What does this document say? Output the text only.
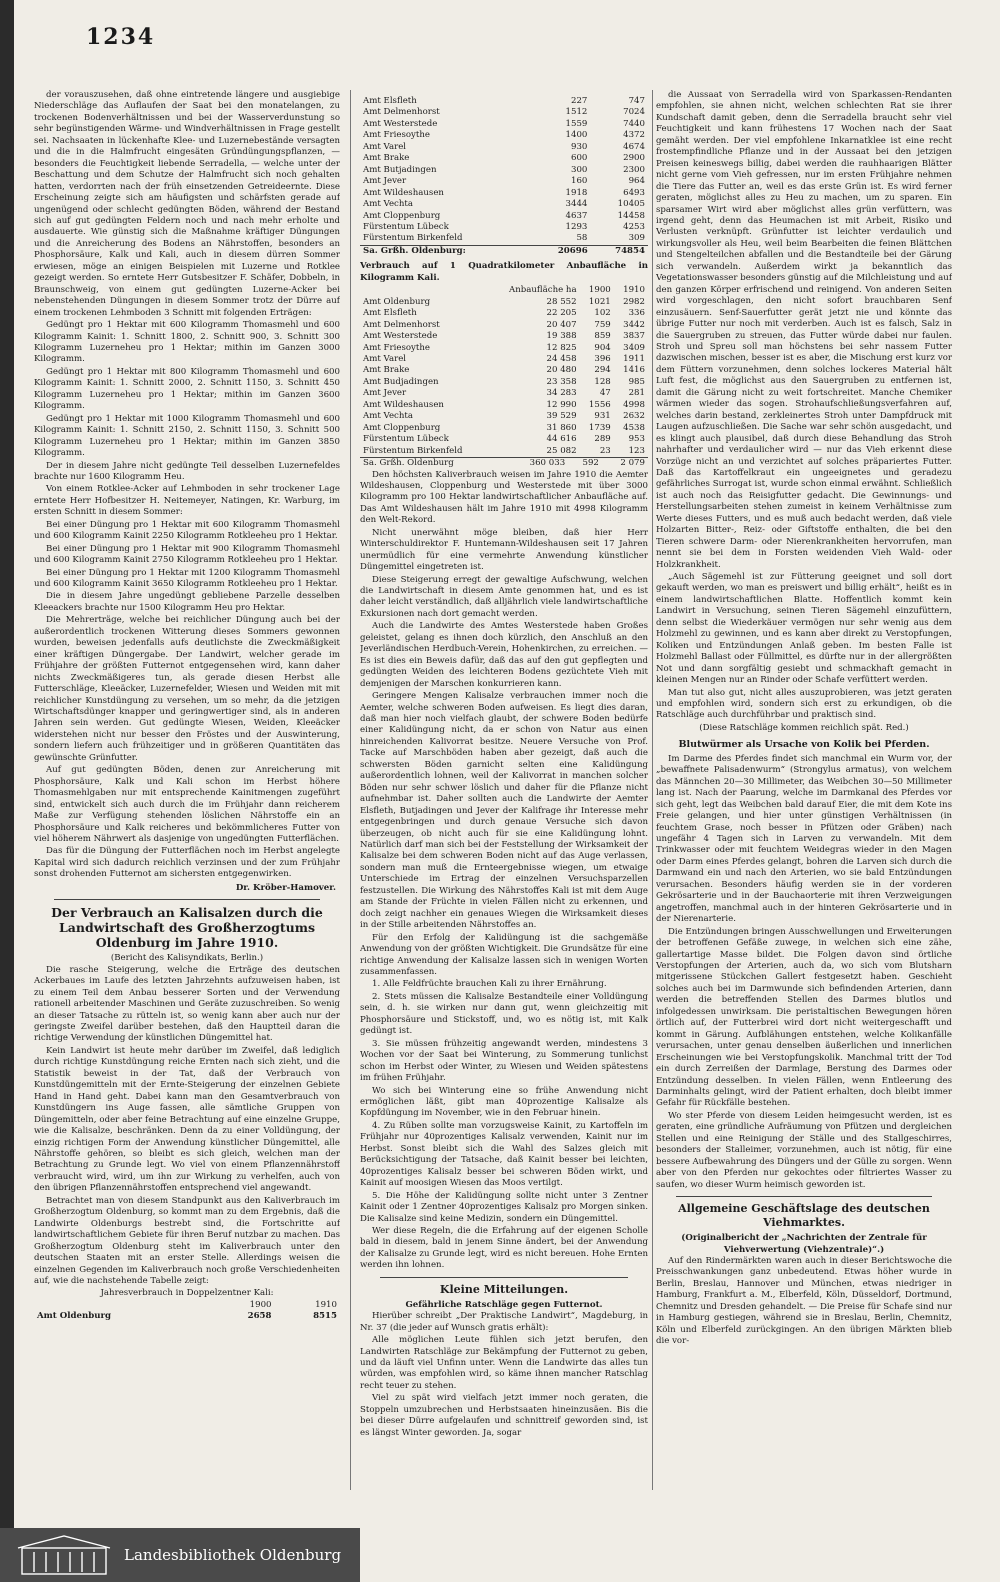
1234

der vorauszusehen, daß ohne eintretende längere und ausgiebige Niederschläge das Auflaufen der Saat bei den monatelangen, zu trockenen Bodenverhältnissen und bei der Wasserverdunstung so sehr begünstigenden Wärme- und Windverhältnissen in Frage gestellt sei. Nachsaaten in lückenhafte Klee- und Luzernebestände versagten und die in die Halmfrucht eingesäten Gründüngungspflanzen, — besonders die Feuchtigkeit liebende Serradella, — welche unter der Beschattung und dem Schutze der Halmfrucht sich noch gehalten hatten, verdorrten nach der früh einsetzenden Getreideernte. Diese Erscheinung zeigte sich am häufigsten und schärfsten gerade auf ungenügend oder schlecht gedüngten Böden, während der Bestand sich auf gut gedüngten Feldern noch und nach mehr erholte und ausdauerte. Wie günstig sich die Maßnahme kräftiger Düngungen und die Anreicherung des Bodens an Nährstoffen, besonders an Phosphorsäure, Kalk und Kali, auch in diesem dürren Sommer erwiesen, möge an einigen Beispielen mit Luzerne und Rotklee gezeigt werden. So erntete Herr Gutsbesitzer F. Schäfer, Dobbeln, in Braunschweig, von einem gut gedüngten Luzerne-Acker bei nebenstehenden Düngungen in diesem Sommer trotz der Dürre auf einem trockenen Lehmboden 3 Schnitt mit folgenden Erträgen:

Gedüngt pro 1 Hektar mit 600 Kilogramm Thomasmehl und 600 Kilogramm Kainit: 1. Schnitt 1800, 2. Schnitt 900, 3. Schnitt 300 Kilogramm Luzerneheu pro 1 Hektar; mithin im Ganzen 3000 Kilogramm.

Gedüngt pro 1 Hektar mit 800 Kilogramm Thomasmehl und 600 Kilogramm Kainit: 1. Schnitt 2000, 2. Schnitt 1150, 3. Schnitt 450 Kilogramm Luzerneheu pro 1 Hektar; mithin im Ganzen 3600 Kilogramm.

Gedüngt pro 1 Hektar mit 1000 Kilogramm Thomasmehl und 600 Kilogramm Kainit: 1. Schnitt 2150, 2. Schnitt 1150, 3. Schnitt 500 Kilogramm Luzerneheu pro 1 Hektar; mithin im Ganzen 3850 Kilogramm.

Der in diesem Jahre nicht gedüngte Teil desselben Luzernefeldes brachte nur 1600 Kilogramm Heu.

Von einem Rotklee-Acker auf Lehmboden in sehr trockener Lage erntete Herr Hofbesitzer H. Neitemeyer, Natingen, Kr. Warburg, im ersten Schnitt in diesem Sommer:

Bei einer Düngung pro 1 Hektar mit 600 Kilogramm Thomasmehl und 600 Kilogramm Kainit 2250 Kilogramm Rotkleeheu pro 1 Hektar.

Bei einer Düngung pro 1 Hektar mit 900 Kilogramm Thomasmehl und 600 Kilogramm Kainit 2750 Kilogramm Rotkleeheu pro 1 Hektar.

Bei einer Düngung pro 1 Hektar mit 1200 Kilogramm Thomasmehl und 600 Kilogramm Kainit 3650 Kilogramm Rotkleeheu pro 1 Hektar.

Die in diesem Jahre ungedüngt gebliebene Parzelle desselben Kleeackers brachte nur 1500 Kilogramm Heu pro Hektar.

Die Mehrerträge, welche bei reichlicher Düngung auch bei der außerordentlich trockenen Witterung dieses Sommers gewonnen wurden, beweisen jedenfalls aufs deutlichste die Zweckmäßigkeit einer kräftigen Düngergabe. Der Landwirt, welcher gerade im Frühjahre der größten Futternot entgegensehen wird, kann daher nichts Zweckmäßigeres tun, als gerade diesen Herbst alle Futterschläge, Kleeäcker, Luzernefelder, Wiesen und Weiden mit mit reichlicher Kunstdüngung zu versehen, um so mehr, da die jetzigen Wirtschaftsdünger knapper und geringwertiger sind, als in anderen Jahren sein werden. Gut gedüngte Wiesen, Weiden, Kleeäcker widerstehen nicht nur besser den Fröstes und der Auswinterung, sondern liefern auch frühzeitiger und in größeren Quantitäten das gewünschte Grünfutter.

Auf gut gedüngten Böden, denen zur Anreicherung mit Phosphorsäure, Kalk und Kali schon im Herbst höhere Thomasmehlgaben nur mit entsprechende Kainitmengen zugeführt sind, entwickelt sich auch durch die im Frühjahr dann reicherem Maße zur Verfügung stehenden löslichen Nährstoffe ein an Phosphorsäure und Kalk reicheres und bekömmlicheres Futter von viel höherem Nährwert als dasjenige von ungedüngten Futterflächen.

Das für die Düngung der Futterflächen noch im Herbst angelegte Kapital wird sich dadurch reichlich verzinsen und der zum Frühjahr sonst drohenden Futternot am sichersten entgegenwirken.

Dr. Kröber-Hamover.
Der Verbrauch an Kalisalzen durch die Landwirtschaft des Großherzogtums Oldenburg im Jahre 1910.
(Bericht des Kalisyndikats, Berlin.)

Die rasche Steigerung, welche die Erträge des deutschen Ackerbaues im Laufe des letzten Jahrzehnts aufzuweisen haben, ist zu einem Teil dem Anbau besserer Sorten und der Verwendung rationell arbeitender Maschinen und Geräte zuzuschreiben. So wenig an dieser Tatsache zu rütteln ist, so wenig kann aber auch nur der geringste Zweifel darüber bestehen, daß den Hauptteil daran die richtige Verwendung der künstlichen Düngemittel hat.

Kein Landwirt ist heute mehr darüber im Zweifel, daß lediglich durch richtige Kunstdüngung reiche Ernten nach sich zieht, und die Statistik beweist in der Tat, daß der Verbrauch von Kunstdüngemitteln mit der Ernte-Steigerung der einzelnen Gebiete Hand in Hand geht. Dabei kann man den Gesamtverbrauch von Kunstdüngern ins Auge fassen, alle sämtliche Gruppen von Düngemitteln, oder aber feine Betrachtung auf eine einzelne Gruppe, wie die Kalisalze, beschränken. Denn da zu einer Volldüngung, der einzig richtigen Form der Anwendung künstlicher Düngemittel, alle Nährstoffe gehören, so bleibt es sich gleich, welchen man der Betrachtung zu Grunde legt. Wo viel von einem Pflanzennährstoff verbraucht wird, wird, um ihn zur Wirkung zu verhelfen, auch von den übrigen Pflanzennährstoffen entsprechend viel angewandt.

Betrachtet man von diesem Standpunkt aus den Kaliverbrauch im Großherzogtum Oldenburg, so kommt man zu dem Ergebnis, daß die Landwirte Oldenburgs bestrebt sind, die Fortschritte auf landwirtschaftlichem Gebiete für ihren Beruf nutzbar zu machen. Das Großherzogtum Oldenburg steht im Kaliverbrauch unter den deutschen Staaten mit an erster Stelle. Allerdings weisen die einzelnen Gegenden im Kaliverbrauch noch große Verschiedenheiten auf, wie die nachstehende Tabelle zeigt:

Jahresverbrauch in Doppelzentner Kali:
	1900	1910
Amt Oldenburg	2658	8515
Amt Elsfleth	227	747
Amt Delmenhorst	1512	7024
Amt Westerstede	1559	7440
Amt Friesoythe	1400	4372
Amt Varel	930	4674
Amt Brake	600	2900
Amt Butjadingen	300	2300
Amt Jever	160	964
Amt Wildeshausen	1918	6493
Amt Vechta	3444	10405
Amt Cloppenburg	4637	14458
Fürstentum Lübeck	1293	4253
Fürstentum Birkenfeld	58	309
Sa. Grßh. Oldenburg:	20696	74854

Verbrauch auf 1 Quadratkilometer Anbaufläche in Kilogramm Kali.

	Anbaufläche ha	1900	1910
Amt Oldenburg	28 552	1021	2982
Amt Elsfleth	22 205	102	336
Amt Delmenhorst	20 407	759	3442
Amt Westerstede	19 388	859	3837
Amt Friesoythe	12 825	904	3409
Amt Varel	24 458	396	1911
Amt Brake	20 480	294	1416
Amt Budjadingen	23 358	128	985
Amt Jever	34 283	47	281
Amt Wildeshausen	12 990	1556	4998
Amt Vechta	39 529	931	2632
Amt Cloppenburg	31 860	1739	4538
Fürstentum Lübeck	44 616	289	953
Fürstentum Birkenfeld	25 082	23	123
Sa. Grßh. Oldenburg	360 033	592	2 079

Den höchsten Kaliverbrauch weisen im Jahre 1910 die Aemter Wildeshausen, Cloppenburg und Westerstede mit über 3000 Kilogramm pro 100 Hektar landwirtschaftlicher Anbaufläche auf. Das Amt Wildeshausen hält im Jahre 1910 mit 4998 Kilogramm den Welt-Rekord.

Nicht unerwähnt möge bleiben, daß hier Herr Winterschuldirektor F. Huntemann-Wildeshausen seit 17 Jahren unermüdlich für eine vermehrte Anwendung künstlicher Düngemittel eingetreten ist.

Diese Steigerung erregt der gewaltige Aufschwung, welchen die Landwirtschaft in diesem Amte genommen hat, und es ist daher leicht verständlich, daß alljährlich viele landwirtschaftliche Exkursionen nach dort gemacht werden.

Auch die Landwirte des Amtes Westerstede haben Großes geleistet, gelang es ihnen doch kürzlich, den Anschluß an den Jeverländischen Herdbuch-Verein, Hohenkirchen, zu erreichen. — Es ist dies ein Beweis dafür, daß das auf den gut gepflegten und gedüngten Weiden des leichteren Bodens gezüchtete Vieh mit demjenigen der Marschen konkurrieren kann.

Geringere Mengen Kalisalze verbrauchen immer noch die Aemter, welche schweren Boden aufweisen. Es liegt dies daran, daß man hier noch vielfach glaubt, der schwere Boden bedürfe einer Kalidüngung nicht, da er schon von Natur aus einen hinreichenden Kalivorrat besitze. Neuere Versuche von Prof. Tacke auf Marschböden haben aber gezeigt, daß auch die schwersten Böden garnicht selten eine Kalidüngung außerordentlich lohnen, weil der Kalivorrat in manchen solcher Böden nur sehr schwer löslich und daher für die Pflanze nicht aufnehmbar ist. Daher sollten auch die Landwirte der Aemter Elsfleth, Butjadingen und Jever der Kalifrage ihr Interesse mehr entgegenbringen und durch genaue Versuche sich davon überzeugen, ob nicht auch für sie eine Kalidüngung lohnt. Natürlich darf man sich bei der Feststellung der Wirksamkeit der Kalisalze bei dem schweren Boden nicht auf das Auge verlassen, sondern man muß die Ernteergebnisse wiegen, um etwaige Unterschiede im Ertrag der einzelnen Versuchsparzellen festzustellen. Die Wirkung des Nährstoffes Kali ist mit dem Auge am Stande der Früchte in vielen Fällen nicht zu erkennen, und doch zeigt nachher ein genaues Wiegen die Wirksamkeit dieses in der Stille arbeitenden Nährstoffes an.

Für den Erfolg der Kalidüngung ist die sachgemäße Anwendung von der größten Wichtigkeit. Die Grundsätze für eine richtige Anwendung der Kalisalze lassen sich in wenigen Worten zusammenfassen.

1. Alle Feldfrüchte brauchen Kali zu ihrer Ernährung.

2. Stets müssen die Kalisalze Bestandteile einer Volldüngung sein, d. h. sie wirken nur dann gut, wenn gleichzeitig mit Phosphorsäure und Stickstoff, und, wo es nötig ist, mit Kalk gedüngt ist.

3. Sie müssen frühzeitig angewandt werden, mindestens 3 Wochen vor der Saat bei Winterung, zu Sommerung tunlichst schon im Herbst oder Winter, zu Wiesen und Weiden spätestens im frühen Frühjahr.

Wo sich bei Winterung eine so frühe Anwendung nicht ermöglichen läßt, gibt man 40prozentige Kalisalze als Kopfdüngung im November, wie in den Februar hinein.

4. Zu Rüben sollte man vorzugsweise Kainit, zu Kartoffeln im Frühjahr nur 40prozentiges Kalisalz verwenden, Kainit nur im Herbst. Sonst bleibt sich die Wahl des Salzes gleich mit Berücksichtigung der Tatsache, daß Kainit besser bei leichten, 40prozentiges Kalisalz besser bei schweren Böden wirkt, und Kainit auf moosigen Wiesen das Moos vertilgt.

5. Die Höhe der Kalidüngung sollte nicht unter 3 Zentner Kainit oder 1 Zentner 40prozentiges Kalisalz pro Morgen sinken. Die Kalisalze sind keine Medizin, sondern ein Düngemittel.

Wer diese Regeln, die die Erfahrung auf der eigenen Scholle bald in diesem, bald in jenem Sinne ändert, bei der Anwendung der Kalisalze zu Grunde legt, wird es nicht bereuen. Hohe Ernten werden ihn lohnen.

Kleine Mitteilungen.
Gefährliche Ratschläge gegen Futternot.

Hierüber schreibt „Der Praktische Landwirt“, Magdeburg, in Nr. 37 (die jeder auf Wunsch gratis erhält):

Alle möglichen Leute fühlen sich jetzt berufen, den Landwirten Ratschläge zur Bekämpfung der Futternot zu geben, und da läuft viel Unfinn unter. Wenn die Landwirte das alles tun würden, was empfohlen wird, so käme ihnen mancher Ratschlag recht teuer zu stehen.

Viel zu spät wird vielfach jetzt immer noch geraten, die Stoppeln umzubrechen und Herbstsaaten hineinzusäen. Bis die bei dieser Dürre aufgelaufen und schnittreif geworden sind, ist es längst Winter geworden. Ja, sogar

die Aussaat von Serradella wird von Sparkassen-Rendanten empfohlen, sie ahnen nicht, welchen schlechten Rat sie ihrer Kundschaft damit geben, denn die Serradella braucht sehr viel Feuchtigkeit und kann frühestens 17 Wochen nach der Saat gemäht werden. Der viel empfohlene Inkarnatklee ist eine recht frostempfindliche Pflanze und in der Aussaat bei den jetzigen Preisen keineswegs billig, dabei werden die rauhhaarigen Blätter nicht gerne vom Vieh gefressen, nur im ersten Frühjahre nehmen die Tiere das Futter an, weil es das erste Grün ist. Es wird ferner geraten, möglichst alles zu Heu zu machen, um zu sparen. Ein sparsamer Wirt wird aber möglichst alles grün verfüttern, was irgend geht, denn das Heumachen ist mit Arbeit, Risiko und Verlusten verknüpft. Grünfutter ist leichter verdaulich und wirkungsvoller als Heu, weil beim Bearbeiten die feinen Blättchen und Stengelteilchen abfallen und die Bestandteile bei der Gärung sich verwandeln. Außerdem wirkt ja bekanntlich das Vegetationswasser besonders günstig auf die Milchleistung und auf den ganzen Körper erfrischend und reinigend. Von anderen Seiten wird vorgeschlagen, den nicht sofort brauchbaren Senf einzusäuern. Senf-Sauerfutter gerät jetzt nie und könnte das übrige Futter nur noch mit verderben. Auch ist es falsch, Salz in die Sauergruben zu streuen, das Futter würde dabei nur faulen. Stroh und Spreu soll man höchstens bei sehr nassem Futter dazwischen mischen, besser ist es aber, die Mischung erst kurz vor dem Füttern vorzunehmen, denn solches lockeres Material hält Luft fest, die möglichst aus den Sauergruben zu entfernen ist, damit die Gärung nicht zu weit fortschreitet. Manche Chemiker wärmen wieder das sogen. Strohaufschließungsverfahren auf, welches darin bestand, zerkleinertes Stroh unter Dampfdruck mit Laugen aufzuschließen. Die Sache war sehr schön ausgedacht, und es klingt auch plausibel, daß durch diese Behandlung das Stroh nahrhafter und verdaulicher wird — nur das Vieh erkennt diese Vorzüge nicht an und verzichtet auf solches präpariertes Futter. Daß das Kartoffelkraut ein ungeeignetes und geradezu gefährliches Surrogat ist, wurde schon einmal erwähnt. Schließlich ist auch noch das Reisigfutter gedacht. Die Gewinnungs- und Herstellungsarbeiten stehen zumeist in keinem Verhältnisse zum Werte dieses Futters, und es muß auch bedacht werden, daß viele Holzarten Bitter-, Reiz- oder Giftstoffe enthalten, die bei den Tieren schwere Darm- oder Nierenkrankheiten hervorrufen, man nennt sie bei dem in Forsten weidenden Vieh Wald- oder Holzkrankheit.

„Auch Sägemehl ist zur Fütterung geeignet und soll dort gekauft werden, wo man es preiswert und billig erhält“, heißt es in einem landwirtschaftlichen Blatte. Hoffentlich kommt kein Landwirt in Versuchung, seinen Tieren Sägemehl einzufüttern, denn selbst die Wiederkäuer vermögen nur sehr wenig aus dem Holzmehl zu gewinnen, und es kann aber direkt zu Verstopfungen, Koliken und Entzündungen Anlaß geben. Im besten Falle ist Holzmehl Ballast oder Füllmittel, es dürfte nur in der allergrößten Not und dann sorgfältig gesiebt und schmackhaft gemacht in kleinen Mengen nur an Rinder oder Schafe verfüttert werden.

Man tut also gut, nicht alles auszuprobieren, was jetzt geraten und empfohlen wird, sondern sich erst zu erkundigen, ob die Ratschläge auch durchführbar und praktisch sind.

(Diese Ratschläge kommen reichlich spät. Red.)
Blutwürmer als Ursache von Kolik bei Pferden.

Im Darme des Pferdes findet sich manchmal ein Wurm vor, der „bewaffnete Palisadenwurm“ (Strongylus armatus), von welchem das Männchen 20—30 Millimeter, das Weibchen 30—50 Millimeter lang ist. Nach der Paarung, welche im Darmkanal des Pferdes vor sich geht, legt das Weibchen bald darauf Eier, die mit dem Kote ins Freie gelangen, und hier unter günstigen Verhältnissen (in feuchtem Grase, noch besser in Pfützen oder Gräben) nach ungefähr 4 Tagen sich in Larven zu verwandeln. Mit dem Trinkwasser oder mit feuchtem Weidegras wieder in den Magen oder Darm eines Pferdes gelangt, bohren die Larven sich durch die Darmwand ein und nach den Arterien, wo sie bald Entzündungen verursachen. Besonders häufig werden sie in der vorderen Gekrösarterie und in der Bauchaorterie mit ihren Verzweigungen angetroffen, manchmal auch in der hinteren Gekrösarterie und in der Nierenarterie.

Die Entzündungen bringen Ausschwellungen und Erweiterungen der betroffenen Gefäße zuwege, in welchen sich eine zähe, gallertartige Masse bildet. Die Folgen davon sind örtliche Verstopfungen der Arterien, auch da, wo sich vom Blutsharn mitgerissene Stückchen Gallert festgesetzt haben. Geschieht solches auch bei im Darmwunde sich befindenden Arterien, dann werden die betreffenden Stellen des Darmes blutlos und infolgedessen unwirksam. Die peristaltischen Bewegungen hören örtlich auf, der Futterbrei wird dort nicht weitergeschafft und kommt in Gärung. Aufblähungen entstehen, welche Kolikanfälle verursachen, unter genau denselben äußerlichen und innerlichen Erscheinungen wie bei Verstopfungskolik. Manchmal tritt der Tod ein durch Zerreißen der Darmlage, Berstung des Darmes oder Entzündung desselben. In vielen Fällen, wenn Entleerung des Darminhalts gelingt, wird der Patient erhalten, doch bleibt immer Gefahr für Rückfälle bestehen.

Wo ster Pferde von diesem Leiden heimgesucht werden, ist es geraten, eine gründliche Aufräumung von Pfützen und dergleichen Stellen und eine Reinigung der Ställe und des Stallgeschirres, besonders der Stalleimer, vorzunehmen, auch ist nötig, für eine bessere Aufbewahrung des Düngers und der Gülle zu sorgen. Wenn aber von den Pferden nur gekochtes oder filtriertes Wasser zu saufen, wo dieser Wurm heimisch geworden ist.

Allgemeine Geschäftslage des deutschen Viehmarktes.
(Originalbericht der „Nachrichten der Zentrale für Viehverwertung (Viehzentrale)“.)

Auf den Rindermärkten waren auch in dieser Berichtswoche die Preisschwankungen ganz unbedeutend. Etwas höher wurde in Berlin, Breslau, Hannover und München, etwas niedriger in Hamburg, Frankfurt a. M., Elberfeld, Köln, Düsseldorf, Dortmund, Chemnitz und Dresden gehandelt. — Die Preise für Schafe sind nur in Hamburg gestiegen, während sie in Breslau, Berlin, Chemnitz, Köln und Elberfeld zurückgingen. An den übrigen Märkten blieb die vor-

Landesbibliothek Oldenburg
